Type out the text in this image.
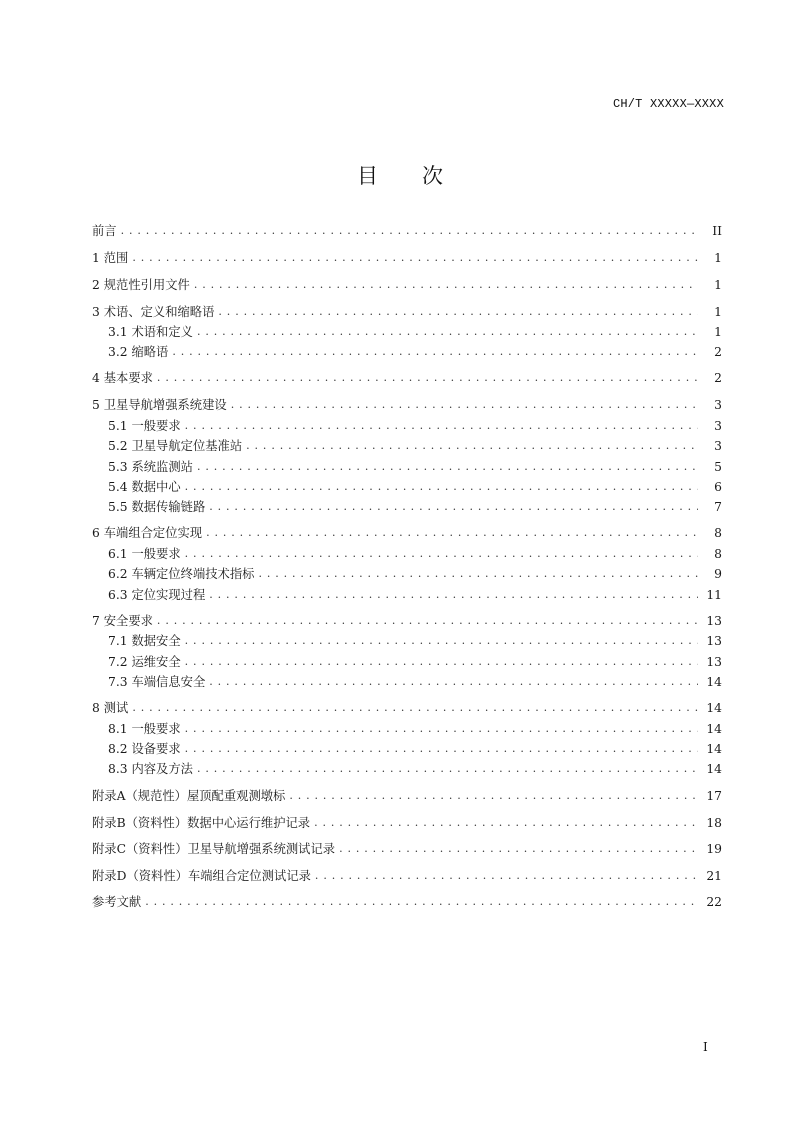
CH/T XXXXX—XXXX
目 次
前言 . . .	II
1 范围 . . .	1
2 规范性引用文件 . . .	1
3 术语、定义和缩略语 . . .	1
3.1 术语和定义 . . .	1
3.2 缩略语 . . .	2
4 基本要求 . . .	2
5 卫星导航增强系统建设 . . .	3
5.1 一般要求 . . .	3
5.2 卫星导航定位基准站 . . .	3
5.3 系统监测站 . . .	5
5.4 数据中心 . . .	6
5.5 数据传输链路 . . .	7
6 车端组合定位实现 . . .	8
6.1 一般要求 . . .	8
6.2 车辆定位终端技术指标 . . .	9
6.3 定位实现过程 . . .	11
7 安全要求 . . .	13
7.1 数据安全 . . .	13
7.2 运维安全 . . .	13
7.3 车端信息安全 . . .	14
8 测试 . . .	14
8.1 一般要求 . . .	14
8.2 设备要求 . . .	14
8.3 内容及方法 . . .	14
附录A（规范性）屋顶配重观测墩标 . . .	17
附录B（资料性）数据中心运行维护记录 . . .	18
附录C（资料性）卫星导航增强系统测试记录 . . .	19
附录D（资料性）车端组合定位测试记录 . . .	21
参考文献 . . .	22
I
